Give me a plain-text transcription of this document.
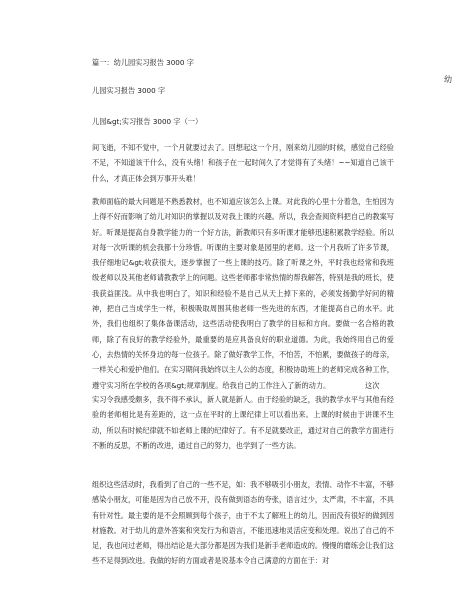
篇一：幼儿园实习报告 3000 字
幼
儿园实习报告 3000 字
儿园&gt;实习报告 3000 字（一）
间飞逝，不知不觉中，一个月就要过去了。回想起这一个月，刚来幼儿园的时候，感觉自己经验不足，不知道该干什么，没有头绪！和孩子在一起时间久了才觉得有了头绪！~~知道自己该干什么，才真正体会到万事开头难！
教师面临的最大问题是不熟悉教材，也不知道应该怎么上课。对此我的心里十分着急，生怕因为上得不好而影响了幼儿对知识的掌握以及对我上课的兴趣。所以，我会查阅资料把自己的教案写好。听课是提高自身教学能力的一个好方法，新教师只有多听课才能够迅速积累教学经验。所以对每一次听课的机会我都十分珍惜。听课的主要对象是园里的老师。这一个月我听了许多节课，我仔细地记&gt;收获很大，逐步掌握了一些上课的技巧。除了听课之外，平时我也经常和我班级老师以及其他老师请教教学上的问题。这些老师都非常热情的帮我解答，特别是我的班长，使我获益匪浅。从中我也明白了，知识和经验不是自己从天上掉下来的，必须发扬勤学好问的精神，把自己当成学生一样，积极吸取周围其他老师一些先进的东西，才能提高自己的水平。此外，我们也组织了集体备课活动，这些活动使我明白了教学的目标和方向。要做一名合格的教师，除了有良好的教学经验外，最重要的是应具备良好的职业道德。为此，我始终用自己的爱心，去热情的关怀身边的每一位孩子。除了做好教学工作，不怕苦，不怕累，要做孩子的母亲，一样关心和爱护他们。在实习期间我始终以主人公的态度，积极协助班上的老师完成各种工作，遵守实习所在学校的各项&gt;规章制度。给我自己的工作注入了新的动力。	这次
实习令我感受颇多，我不得不承认，新人就是新人。由于经验的缺乏，我的教学水平与其他有经验的老师相比是有差距的，这一点在平时的上课纪律上可以看出来。上课的时候由于讲课不生动，所以有时候纪律就不如老师上课的纪律好了。有不足就要改正，通过对自己的教学方面进行不断的反思，不断的改进，通过自己的努力，也学到了一些方法。
组织这些活动时，我看到了自己的一些不足，如：我不够吸引小朋友，表情、动作不丰富，不够感染小朋友，可能是因为自己放不开，没有做到语态的夸张，语言过少，太严肃，不丰富，不具有针对性。最主要的是不会照顾到每个孩子，由于不太了解班上的幼儿，因而没有很好的做到因材施教。对于幼儿的意外答案和突发行为和语言，不能迅速地灵活应变和处理。说出了自己的不足，我也问过老师，得出结论是大部分都是因为我们是新手老师造成的。慢慢的磨练会让我们这些不足得到改进。我做的好的方面或者是说基本令自己满意的方面在于：对
